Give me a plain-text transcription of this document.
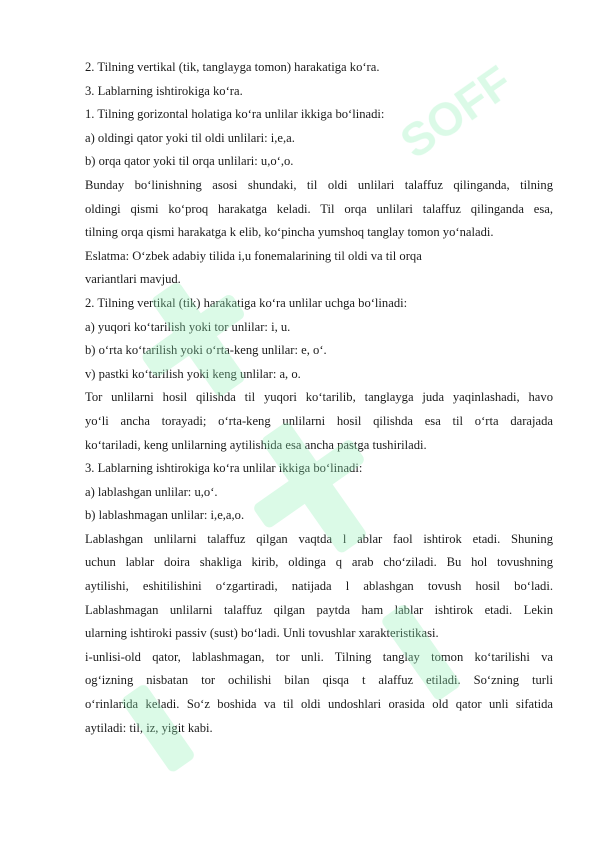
2. Tilning vertikal (tik, tanglayga tomon) harakatiga ko‘ra.
3. Lablarning ishtirokiga ko‘ra.
1. Tilning gorizontal holatiga ko‘ra unlilar ikkiga bo‘linadi:
a) oldingi qator yoki til oldi unlilari: i,e,a.
b) orqa qator yoki til orqa unlilari: u,o‘,o.
Bunday bo‘linishning asosi shundaki, til oldi unlilari talaffuz qilinganda, tilning
oldingi qismi ko‘proq harakatga keladi. Til orqa unlilari talaffuz qilinganda esa,
tilning orqa qismi harakatga k elib, ko‘pincha yumshoq tanglay tomon yo‘naladi.
Eslatma: O‘zbek adabiy tilida i,u fonemalarining til oldi va til orqa
variantlari mavjud.
2. Tilning vertikal (tik) harakatiga ko‘ra unlilar uchga bo‘linadi:
a) yuqori ko‘tarilish yoki tor unlilar: i, u.
b) o‘rta ko‘tarilish yoki o‘rta-keng unlilar: e, o‘.
v) pastki ko‘tarilish yoki keng unlilar: a, o.
Tor unlilarni hosil qilishda til yuqori ko‘tarilib, tanglayga juda yaqinlashadi, havo
yo‘li ancha torayadi; o‘rta-keng unlilarni hosil qilishda esa til o‘rta darajada
ko‘tariladi, keng unlilarning aytilishida esa ancha pastga tushiriladi.
3. Lablarning ishtirokiga ko‘ra unlilar ikkiga bo‘linadi:
a) lablashgan unlilar: u,o‘.
b) lablashmagan unlilar: i,e,a,o.
Lablashgan unlilarni talaffuz qilgan vaqtda l ablar faol ishtirok etadi. Shuning
uchun lablar doira shakliga kirib, oldinga q arab cho‘ziladi. Bu hol tovushning
aytilishi, eshitilishini o‘zgartiradi, natijada l ablashgan tovush hosil bo‘ladi.
Lablashmagan unlilarni talaffuz qilgan paytda ham lablar ishtirok etadi. Lekin
ularning ishtiroki passiv (sust) bo‘ladi. Unli tovushlar xarakteristikasi.
i-unlisi-old qator, lablashmagan, tor unli. Tilning tanglay tomon ko‘tarilishi va
og‘izning nisbatan tor ochilishi bilan qisqa t alaffuz etiladi. So‘zning turli
o‘rinlarida keladi. So‘z boshida va til oldi undoshlari orasida old qator unli sifatida
aytiladi: til, iz, yigit kabi.
SOFF
